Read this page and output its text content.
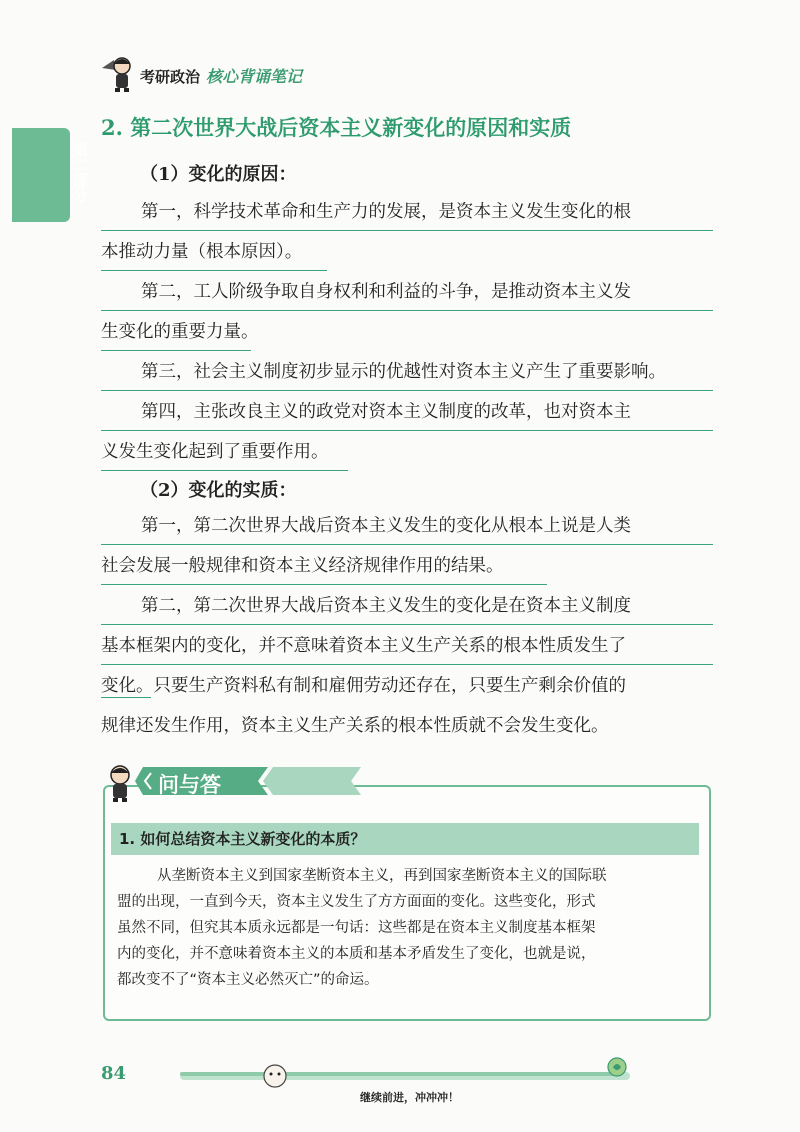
考研政治 核心背诵笔记
第二部分
2. 第二次世界大战后资本主义新变化的原因和实质
（1）变化的原因：
第一，科学技术革命和生产力的发展，是资本主义发生变化的根
本推动力量（根本原因）。
第二，工人阶级争取自身权利和利益的斗争，是推动资本主义发
生变化的重要力量。
第三，社会主义制度初步显示的优越性对资本主义产生了重要影响。
第四，主张改良主义的政党对资本主义制度的改革，也对资本主
义发生变化起到了重要作用。
（2）变化的实质：
第一，第二次世界大战后资本主义发生的变化从根本上说是人类
社会发展一般规律和资本主义经济规律作用的结果。
第二，第二次世界大战后资本主义发生的变化是在资本主义制度
基本框架内的变化，并不意味着资本主义生产关系的根本性质发生了
变化。只要生产资料私有制和雇佣劳动还存在，只要生产剩余价值的
规律还发生作用，资本主义生产关系的根本性质就不会发生变化。
问与答
1. 如何总结资本主义新变化的本质？
从垄断资本主义到国家垄断资本主义，再到国家垄断资本主义的国际联
盟的出现，一直到今天，资本主义发生了方方面面的变化。这些变化，形式
虽然不同，但究其本质永远都是一句话：这些都是在资本主义制度基本框架
内的变化，并不意味着资本主义的本质和基本矛盾发生了变化，也就是说，
都改变不了“资本主义必然灭亡”的命运。
84
继续前进，冲冲冲！
